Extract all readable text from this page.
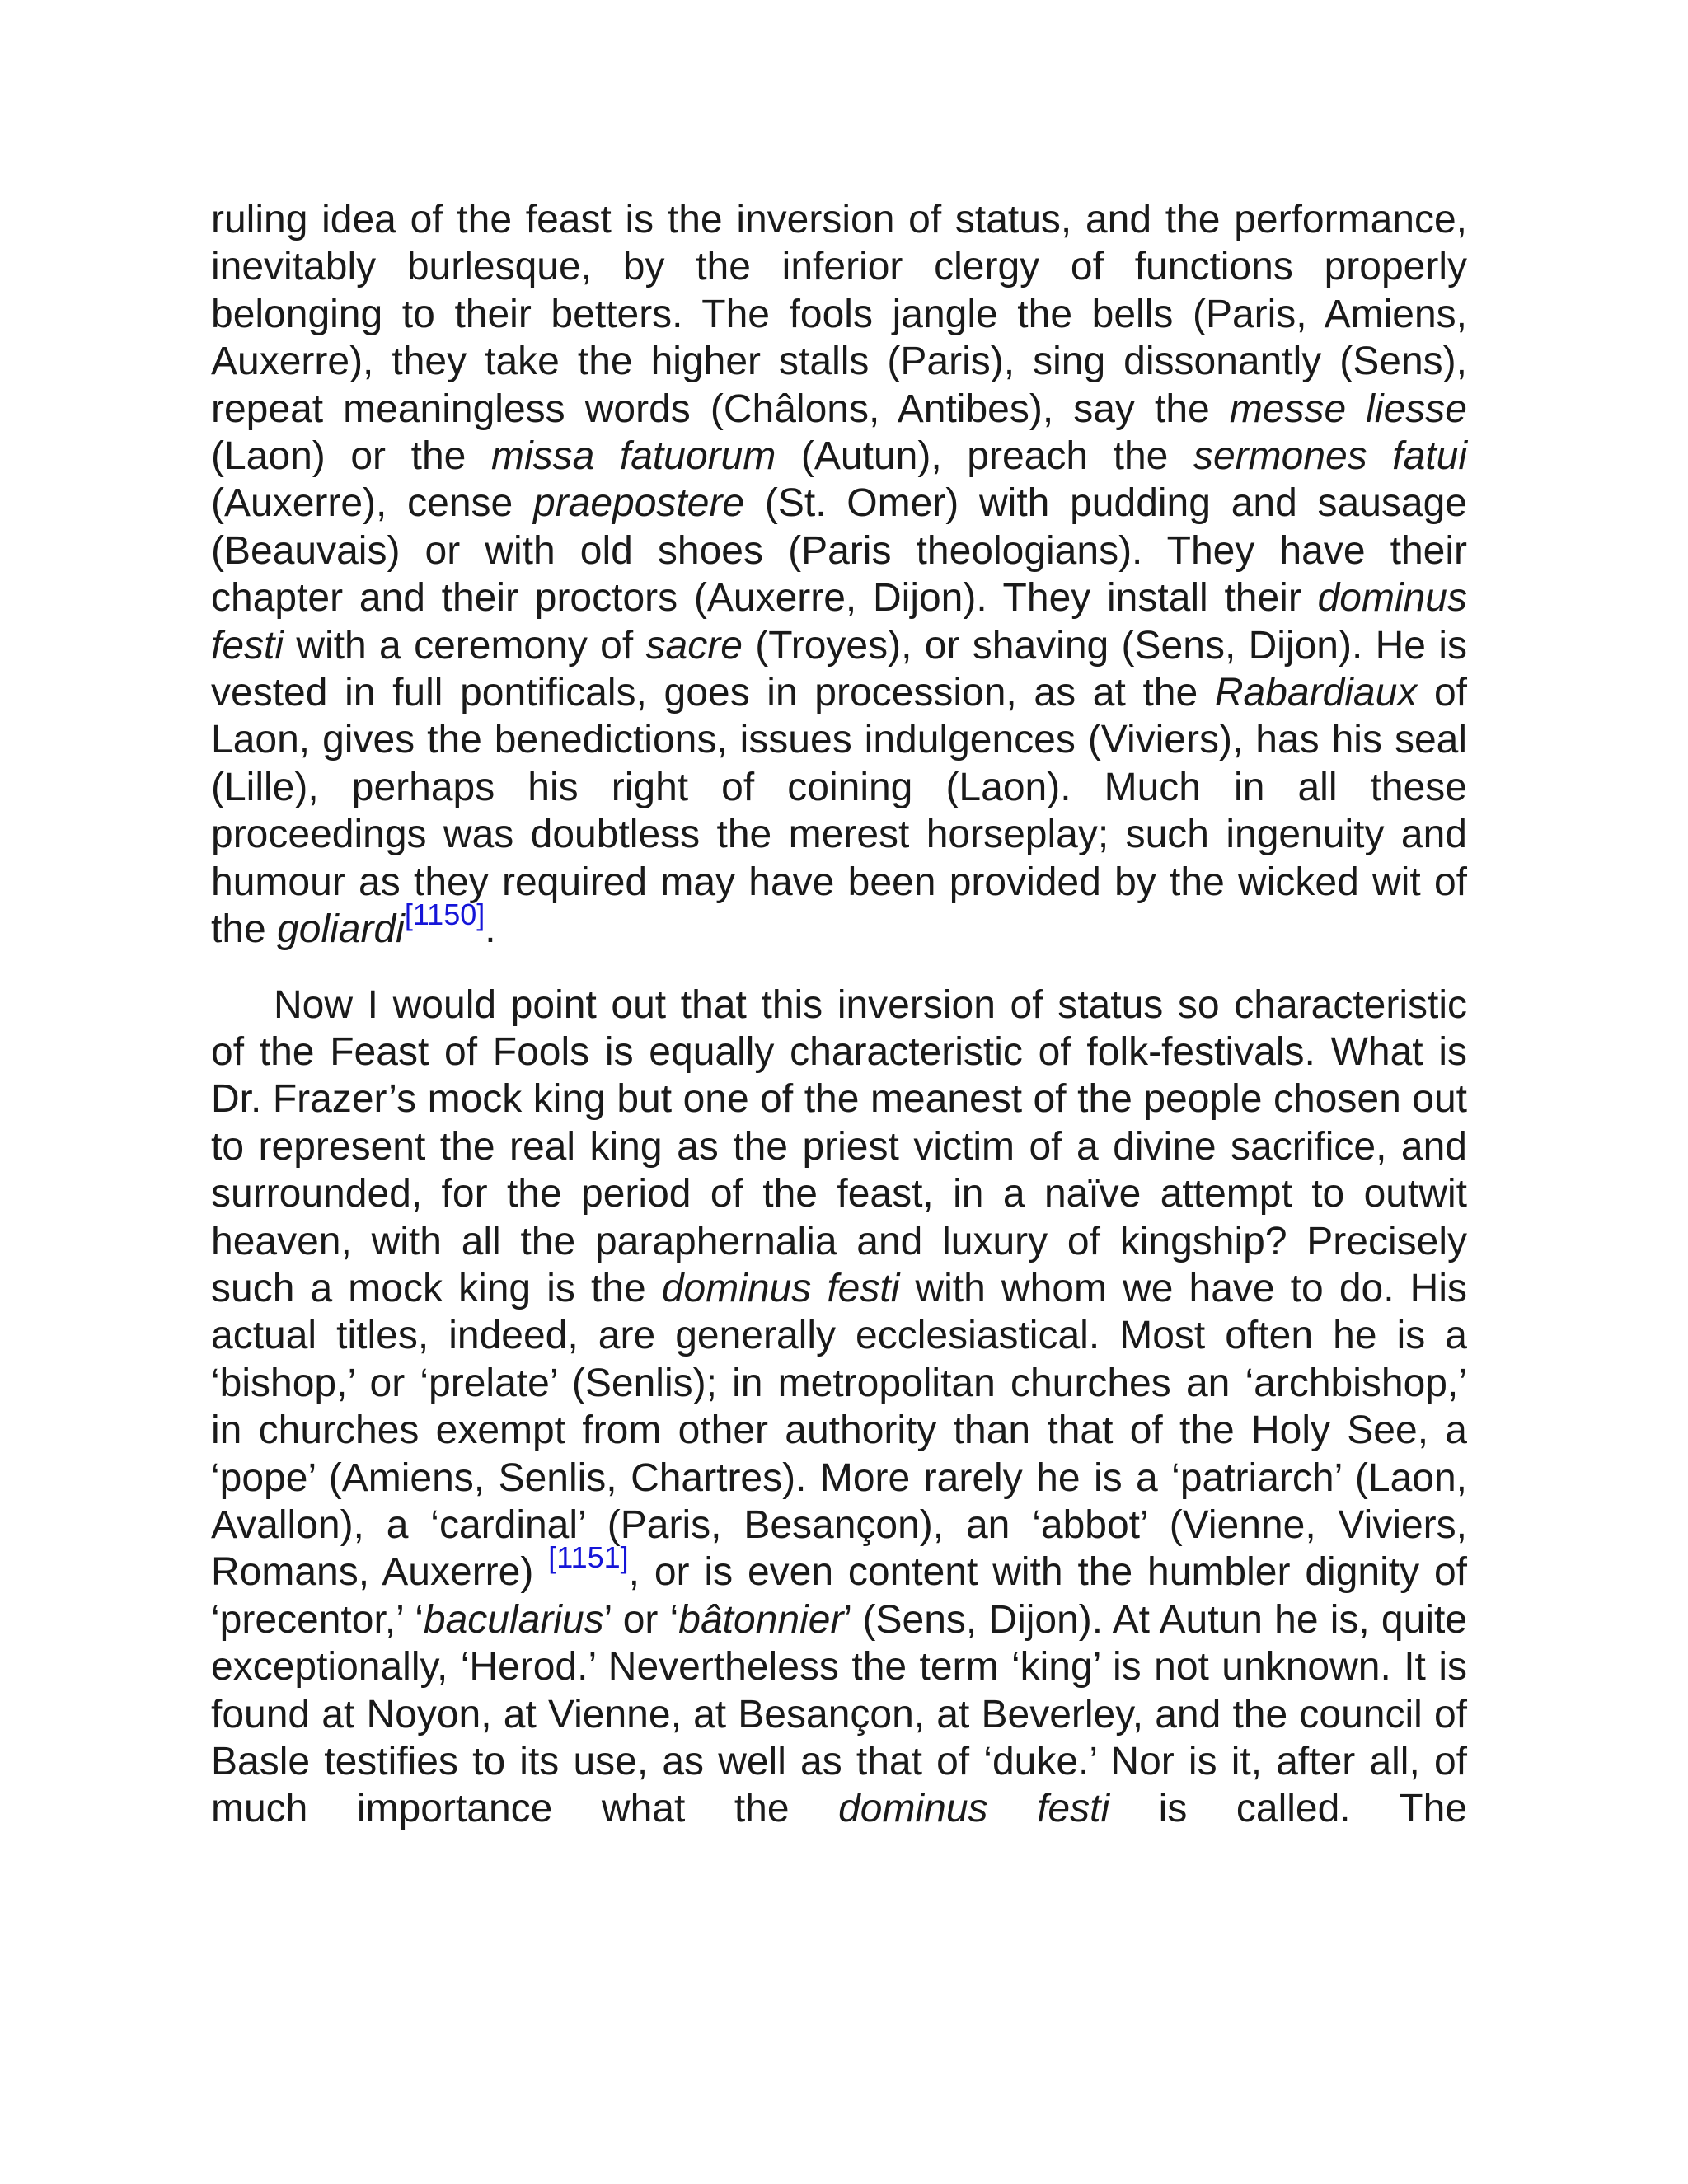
ruling idea of the feast is the inversion of status, and the performance, inevitably burlesque, by the inferior clergy of functions properly belonging to their betters. The fools jangle the bells (Paris, Amiens, Auxerre), they take the higher stalls (Paris), sing dissonantly (Sens), repeat meaningless words (Châlons, Antibes), say the messe liesse (Laon) or the missa fatuorum (Autun), preach the sermones fatui (Auxerre), cense praepostere (St. Omer) with pudding and sausage (Beauvais) or with old shoes (Paris theologians). They have their chapter and their proctors (Auxerre, Dijon). They install their dominus festi with a ceremony of sacre (Troyes), or shaving (Sens, Dijon). He is vested in full pontificals, goes in procession, as at the Rabardiaux of Laon, gives the benedictions, issues indulgences (Viviers), has his seal (Lille), perhaps his right of coining (Laon). Much in all these proceedings was doubtless the merest horseplay; such ingenuity and humour as they required may have been provided by the wicked wit of the goliardi[1150].

Now I would point out that this inversion of status so characteristic of the Feast of Fools is equally characteristic of folk-festivals. What is Dr. Frazer’s mock king but one of the meanest of the people chosen out to represent the real king as the priest victim of a divine sacrifice, and surrounded, for the period of the feast, in a naïve attempt to outwit heaven, with all the paraphernalia and luxury of kingship? Precisely such a mock king is the dominus festi with whom we have to do. His actual titles, indeed, are generally ecclesiastical. Most often he is a ‘bishop,’ or ‘prelate’ (Senlis); in metropolitan churches an ‘archbishop,’ in churches exempt from other authority than that of the Holy See, a ‘pope’ (Amiens, Senlis, Chartres). More rarely he is a ‘patriarch’ (Laon, Avallon), a ‘cardinal’ (Paris, Besançon), an ‘abbot’ (Vienne, Viviers, Romans, Auxerre) [1151], or is even content with the humbler dignity of ‘precentor,’ ‘bacularius’ or ‘bâtonnier’ (Sens, Dijon). At Autun he is, quite exceptionally, ‘Herod.’ Nevertheless the term ‘king’ is not unknown. It is found at Noyon, at Vienne, at Besançon, at Beverley, and the council of Basle testifies to its use, as well as that of ‘duke.’ Nor is it, after all, of much importance what the dominus festi is called. The
